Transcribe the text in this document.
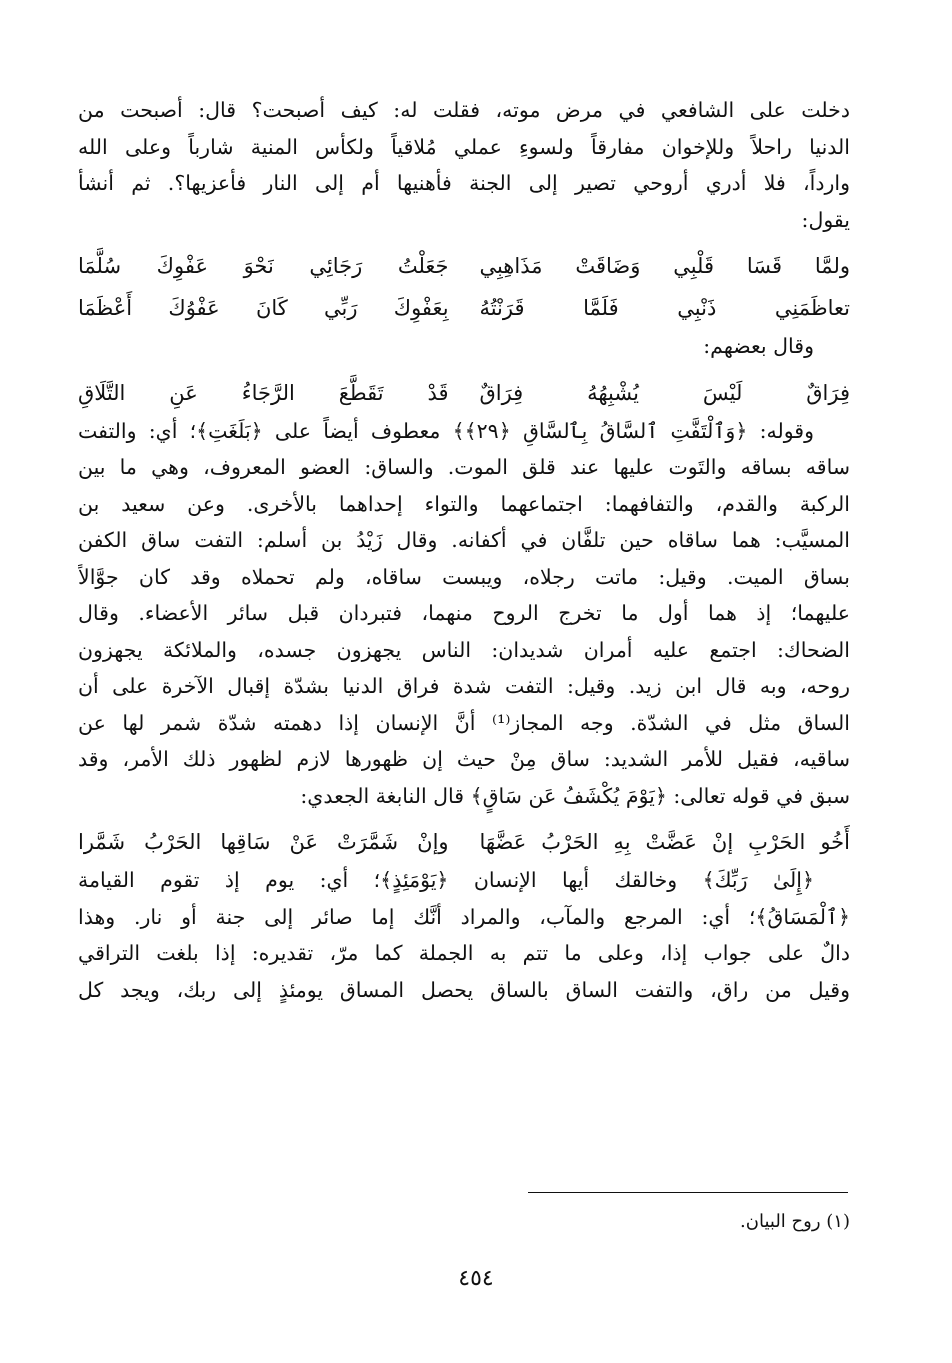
دخلت على الشافعي في مرض موته، فقلت له: كيف أصبحت؟ قال: أصبحت من
الدنيا راحلاً وللإخوان مفارقاً ولسوءِ عملي مُلاقياً ولكأس المنية شارباً وعلى الله
وارداً، فلا أدري أروحي تصير إلى الجنة فأهنيها أم إلى النار فأعزيها؟. ثم أنشأ
يقول:
ولمَّا قَسَا قَلْبِي وَضَاقَتْ مَذَاهِبِي
جَعَلْتُ رَجَائِي نَحْوَ عَفْوِكَ سُلَّمَا
تعاظَمَنِي ذَنْبِي فَلَمَّا قَرَنْتُهُ
بِعَفْوِكَ رَبِّي كَانَ عَفْوُكَ أَعْظَمَا
وقال بعضهم:
فِرَاقٌ لَيْسَ يُشْبِهُهُ فِرَاقٌ
قَدْ تَقَطَّعَ الرَّجَاءُ عَنِ التَّلَاقِ
وقوله: ﴿وَٱلْتَفَّتِ ٱلسَّاقُ بِٱلسَّاقِ ﴿٢٩﴾﴾ معطوف أيضاً على ﴿بَلَغَتِ﴾؛ أي: والتفت
ساقه بساقه والتَوت عليها عند قلق الموت. والساق: العضو المعروف، وهي ما بين
الركبة والقدم، والتفافهما: اجتماعهما والتواء إحداهما بالأخرى. وعن سعيد بن
المسيَّب: هما ساقاه حين تلفَّان في أكفانه. وقال زَيْدُ بن أسلم: التفت ساق الكفن
بساق الميت. وقيل: ماتت رجلاه، ويبست ساقاه، ولم تحملاه وقد كان جوَّالاً
عليهما؛ إذ هما أول ما تخرج الروح منهما، فتبردان قبل سائر الأعضاء. وقال
الضحاك: اجتمع عليه أمران شديدان: الناس يجهزون جسده، والملائكة يجهزون
روحه، وبه قال ابن زيد. وقيل: التفت شدة فراق الدنيا بشدّة إقبال الآخرة على أن
الساق مثل في الشدّة. وجه المجاز⁽¹⁾ أنَّ الإنسان إذا دهمته شدّة شمر لها عن
ساقيه، فقيل للأمر الشديد: ساق مِنْ حيث إن ظهورها لازم لظهور ذلك الأمر، وقد
سبق في قوله تعالى: ﴿يَوْمَ يُكْشَفُ عَن سَاقٍ﴾ قال النابغة الجعدي:
أَخُو الحَرْبِ إنْ عَضَّتْ بِهِ الحَرْبُ عَضَّهَا
وإنْ شَمَّرَتْ عَنْ سَاقِها الحَرْبُ شَمَّرا
﴿إِلَىٰ رَبِّكَ﴾ وخالقك أيها الإنسان ﴿يَوْمَئِذٍ﴾؛ أي: يوم إذ تقوم القيامة
﴿ٱلْمَسَاقُ﴾؛ أي: المرجع والمآب، والمراد أنَّك إما صائر إلى جنة أو نار. وهذا
دالٌ على جواب إذا، وعلى ما تتم به الجملة كما مرّ، تقديره: إذا بلغت التراقي
وقيل من راق، والتفت الساق بالساق يحصل المساق يومئذٍ إلى ربك، ويجد كل
(١) روح البيان.
٤٥٤
